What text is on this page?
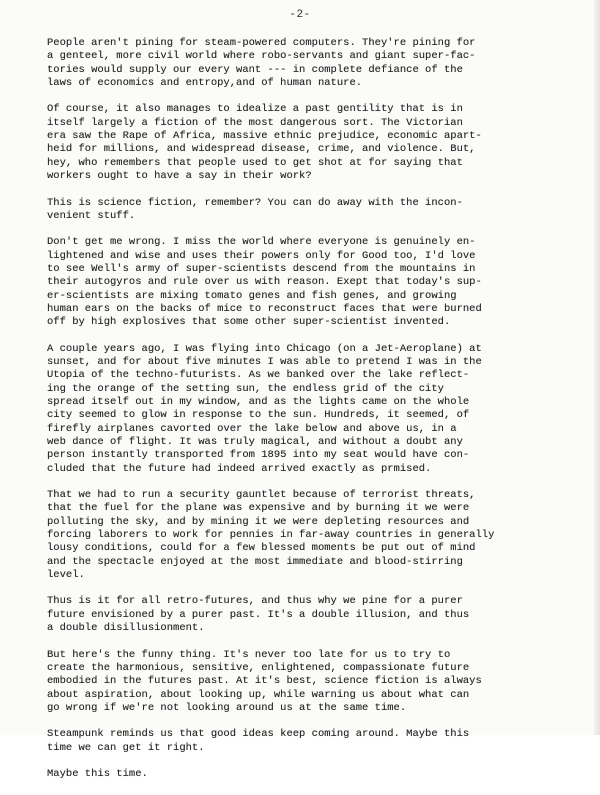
-2-
People aren't pining for steam-powered computers. They're pining for
a genteel, more civil world where robo-servants and giant super-fac-
tories would supply our every want --- in complete defiance of the
laws of economics and entropy,and of human nature.
Of course, it also manages to idealize a past gentility that is in
itself largely a fiction of the most dangerous sort. The Victorian
era saw the Rape of Africa, massive ethnic prejudice, economic apart-
heid for millions, and widespread disease, crime, and violence. But,
hey, who remembers that people used to get shot at for saying that
workers ought to have a say in their work?
This is science fiction, remember? You can do away with the incon-
venient stuff.
Don't get me wrong. I miss the world where everyone is genuinely en-
lightened and wise and uses their powers only for Good too, I'd love
to see Well's army of super-scientists descend from the mountains in
their autogyros and rule over us with reason. Exept that today's sup-
er-scientists are mixing tomato genes and fish genes, and growing
human ears on the backs of mice to reconstruct faces that were burned
off by high explosives that some other super-scientist invented.
A couple years ago, I was flying into Chicago (on a Jet-Aeroplane) at
sunset, and for about five minutes I was able to pretend I was in the
Utopia of the techno-futurists. As we banked over the lake reflect-
ing the orange of the setting sun, the endless grid of the city
spread itself out in my window, and as the lights came on the whole
city seemed to glow in response to the sun. Hundreds, it seemed, of
firefly airplanes cavorted over the lake below and above us, in a
web dance of flight. It was truly magical, and without a doubt any
person instantly transported from 1895 into my seat would have con-
cluded that the future had indeed arrived exactly as prmised.
That we had to run a security gauntlet because of terrorist threats,
that the fuel for the plane was expensive and by burning it we were
polluting the sky, and by mining it we were depleting resources and
forcing laborers to work for pennies in far-away countries in generally
lousy conditions, could for a few blessed moments be put out of mind
and the spectacle enjoyed at the most immediate and blood-stirring
level.
Thus is it for all retro-futures, and thus why we pine for a purer
future envisioned by a purer past. It's a double illusion, and thus
a double disillusionment.
But here's the funny thing. It's never too late for us to try to
create the harmonious, sensitive, enlightened, compassionate future
embodied in the futures past. At it's best, science fiction is always
about aspiration, about looking up, while warning us about what can
go wrong if we're not looking around us at the same time.
Steampunk reminds us that good ideas keep coming around. Maybe this
time we can get it right.
Maybe this time.
